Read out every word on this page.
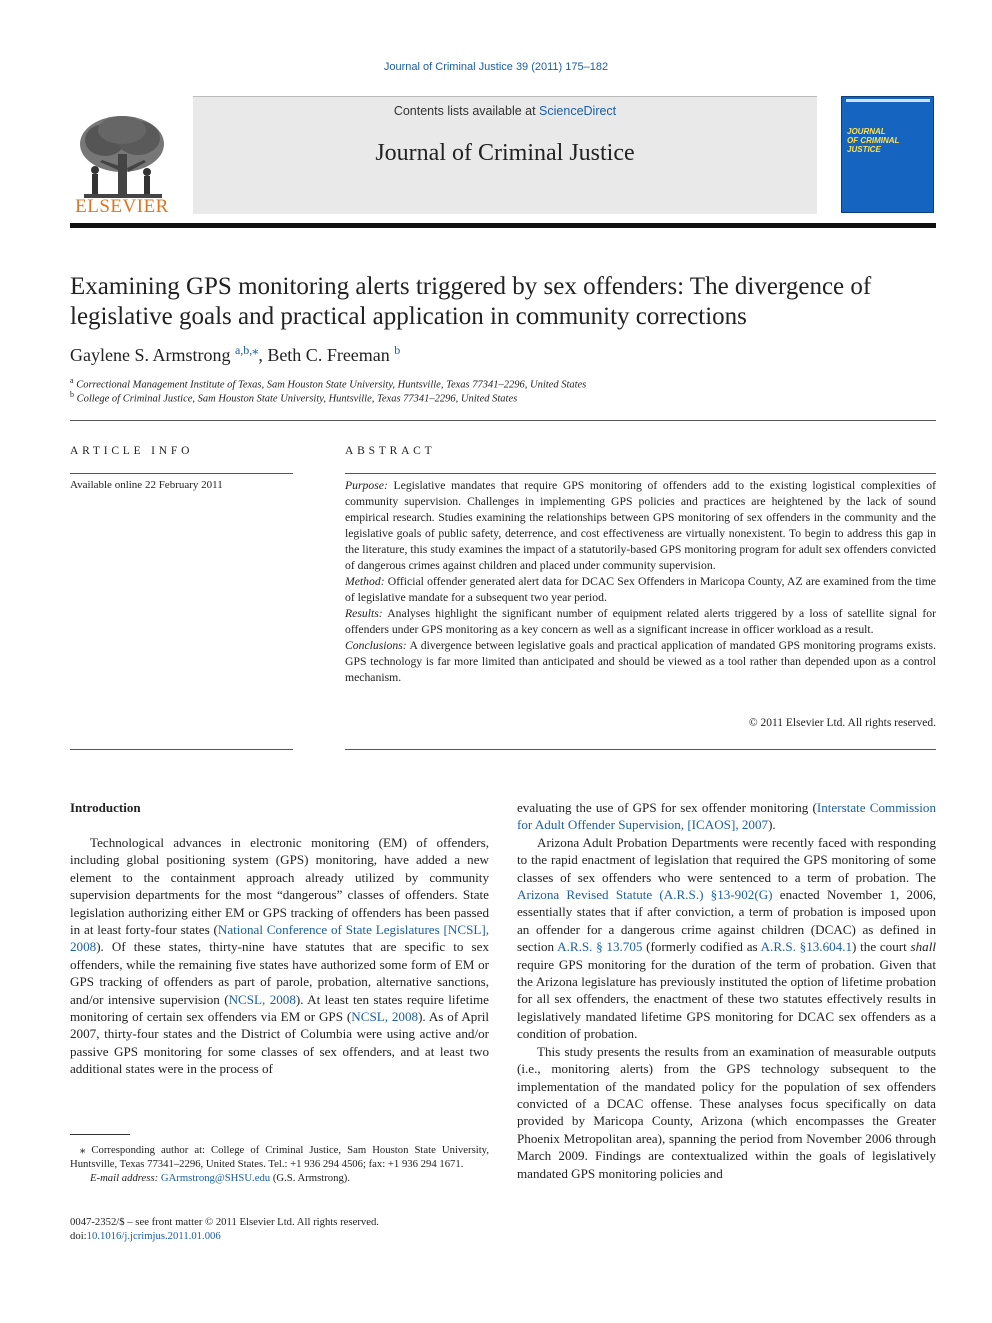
Journal of Criminal Justice 39 (2011) 175–182
ELSEVIER
Contents lists available at ScienceDirect
Journal of Criminal Justice
JOURNAL
OF CRIMINAL
JUSTICE
Examining GPS monitoring alerts triggered by sex offenders: The divergence of legislative goals and practical application in community corrections
Gaylene S. Armstrong $^{a,b,⁎}$, Beth C. Freeman $^b$
$^a$ Correctional Management Institute of Texas, Sam Houston State University, Huntsville, Texas 77341–2296, United States
$^b$ College of Criminal Justice, Sam Houston State University, Huntsville, Texas 77341–2296, United States
ARTICLE INFO
Available online 22 February 2011
ABSTRACT

Purpose: Legislative mandates that require GPS monitoring of offenders add to the existing logistical complexities of community supervision. Challenges in implementing GPS policies and practices are heightened by the lack of sound empirical research. Studies examining the relationships between GPS monitoring of sex offenders in the community and the legislative goals of public safety, deterrence, and cost effectiveness are virtually nonexistent. To begin to address this gap in the literature, this study examines the impact of a statutorily-based GPS monitoring program for adult sex offenders convicted of dangerous crimes against children and placed under community supervision.

Method: Official offender generated alert data for DCAC Sex Offenders in Maricopa County, AZ are examined from the time of legislative mandate for a subsequent two year period.

Results: Analyses highlight the significant number of equipment related alerts triggered by a loss of satellite signal for offenders under GPS monitoring as a key concern as well as a significant increase in officer workload as a result.

Conclusions: A divergence between legislative goals and practical application of mandated GPS monitoring programs exists. GPS technology is far more limited than anticipated and should be viewed as a tool rather than depended upon as a control mechanism.

© 2011 Elsevier Ltd. All rights reserved.
Introduction

Technological advances in electronic monitoring (EM) of offenders, including global positioning system (GPS) monitoring, have added a new element to the containment approach already utilized by community supervision departments for the most “dangerous” classes of offenders. State legislation authorizing either EM or GPS tracking of offenders has been passed in at least forty-four states (National Conference of State Legislatures [NCSL], 2008). Of these states, thirty-nine have statutes that are specific to sex offenders, while the remaining five states have authorized some form of EM or GPS tracking of offenders as part of parole, probation, alternative sanctions, and/or intensive supervision (NCSL, 2008). At least ten states require lifetime monitoring of certain sex offenders via EM or GPS (NCSL, 2008). As of April 2007, thirty-four states and the District of Columbia were using active and/or passive GPS monitoring for some classes of sex offenders, and at least two additional states were in the process of

evaluating the use of GPS for sex offender monitoring (Interstate Commission for Adult Offender Supervision, [ICAOS], 2007).

Arizona Adult Probation Departments were recently faced with responding to the rapid enactment of legislation that required the GPS monitoring of some classes of sex offenders who were sentenced to a term of probation. The Arizona Revised Statute (A.R.S.) §13-902(G) enacted November 1, 2006, essentially states that if after conviction, a term of probation is imposed upon an offender for a dangerous crime against children (DCAC) as defined in section A.R.S. § 13.705 (formerly codified as A.R.S. §13.604.1) the court shall require GPS monitoring for the duration of the term of probation. Given that the Arizona legislature has previously instituted the option of lifetime probation for all sex offenders, the enactment of these two statutes effectively results in legislatively mandated lifetime GPS monitoring for DCAC sex offenders as a condition of probation.

This study presents the results from an examination of measurable outputs (i.e., monitoring alerts) from the GPS technology subsequent to the implementation of the mandated policy for the population of sex offenders convicted of a DCAC offense. These analyses focus specifically on data provided by Maricopa County, Arizona (which encompasses the Greater Phoenix Metropolitan area), spanning the period from November 2006 through March 2009. Findings are contextualized within the goals of legislatively mandated GPS monitoring policies and

⁎ Corresponding author at: College of Criminal Justice, Sam Houston State University, Huntsville, Texas 77341–2296, United States. Tel.: +1 936 294 4506; fax: +1 936 294 1671.

E-mail address: GArmstrong@SHSU.edu (G.S. Armstrong).

0047-2352/$ – see front matter © 2011 Elsevier Ltd. All rights reserved.
doi:10.1016/j.jcrimjus.2011.01.006
